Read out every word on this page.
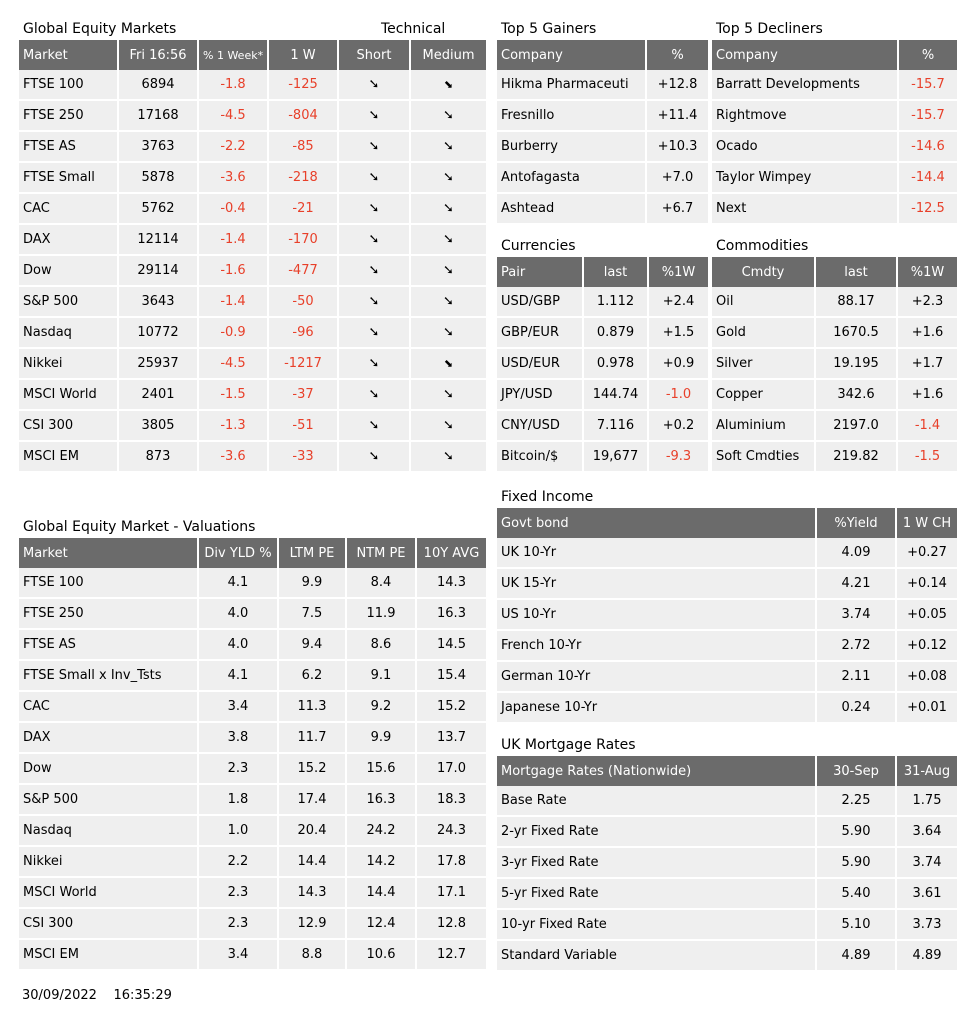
Global Equity Markets	Technical
Market	Fri 16:56	% 1 Week*	1 W	Short	Medium
FTSE 100	6894	-1.8	-125	➘	⬊
FTSE 250	17168	-4.5	-804	➘	➘
FTSE AS	3763	-2.2	-85	➘	➘
FTSE Small	5878	-3.6	-218	➘	➘
CAC	5762	-0.4	-21	➘	➘
DAX	12114	-1.4	-170	➘	➘
Dow	29114	-1.6	-477	➘	➘
S&P 500	3643	-1.4	-50	➘	➘
Nasdaq	10772	-0.9	-96	➘	➘
Nikkei	25937	-4.5	-1217	➘	⬊
MSCI World	2401	-1.5	-37	➘	➘
CSI 300	3805	-1.3	-51	➘	➘
MSCI EM	873	-3.6	-33	➘	➘
Global Equity Market - Valuations
Market	Div YLD %	LTM PE	NTM PE	10Y AVG
FTSE 100	4.1	9.9	8.4	14.3
FTSE 250	4.0	7.5	11.9	16.3
FTSE AS	4.0	9.4	8.6	14.5
FTSE Small x Inv_Tsts	4.1	6.2	9.1	15.4
CAC	3.4	11.3	9.2	15.2
DAX	3.8	11.7	9.9	13.7
Dow	2.3	15.2	15.6	17.0
S&P 500	1.8	17.4	16.3	18.3
Nasdaq	1.0	20.4	24.2	24.3
Nikkei	2.2	14.4	14.2	17.8
MSCI World	2.3	14.3	14.4	17.1
CSI 300	2.3	12.9	12.4	12.8
MSCI EM	3.4	8.8	10.6	12.7
Top 5 Gainers
Company	%
Hikma Pharmaceuti	+12.8
Fresnillo	+11.4
Burberry	+10.3
Antofagasta	+7.0
Ashtead	+6.7
Top 5 Decliners
Company	%
Barratt Developments	-15.7
Rightmove	-15.7
Ocado	-14.6
Taylor Wimpey	-14.4
Next	-12.5
Currencies
Pair	last	%1W
USD/GBP	1.112	+2.4
GBP/EUR	0.879	+1.5
USD/EUR	0.978	+0.9
JPY/USD	144.74	-1.0
CNY/USD	7.116	+0.2
Bitcoin/$	19,677	-9.3
Commodities
Cmdty	last	%1W
Oil	88.17	+2.3
Gold	1670.5	+1.6
Silver	19.195	+1.7
Copper	342.6	+1.6
Aluminium	2197.0	-1.4
Soft Cmdties	219.82	-1.5
Fixed Income
Govt bond	%Yield	1 W CH
UK 10-Yr	4.09	+0.27
UK 15-Yr	4.21	+0.14
US 10-Yr	3.74	+0.05
French 10-Yr	2.72	+0.12
German 10-Yr	2.11	+0.08
Japanese 10-Yr	0.24	+0.01
UK Mortgage Rates
Mortgage Rates (Nationwide)	30-Sep	31-Aug
Base Rate	2.25	1.75
2-yr Fixed Rate	5.90	3.64
3-yr Fixed Rate	5.90	3.74
5-yr Fixed Rate	5.40	3.61
10-yr Fixed Rate	5.10	3.73
Standard Variable	4.89	4.89
30/09/2022 16:35:29
